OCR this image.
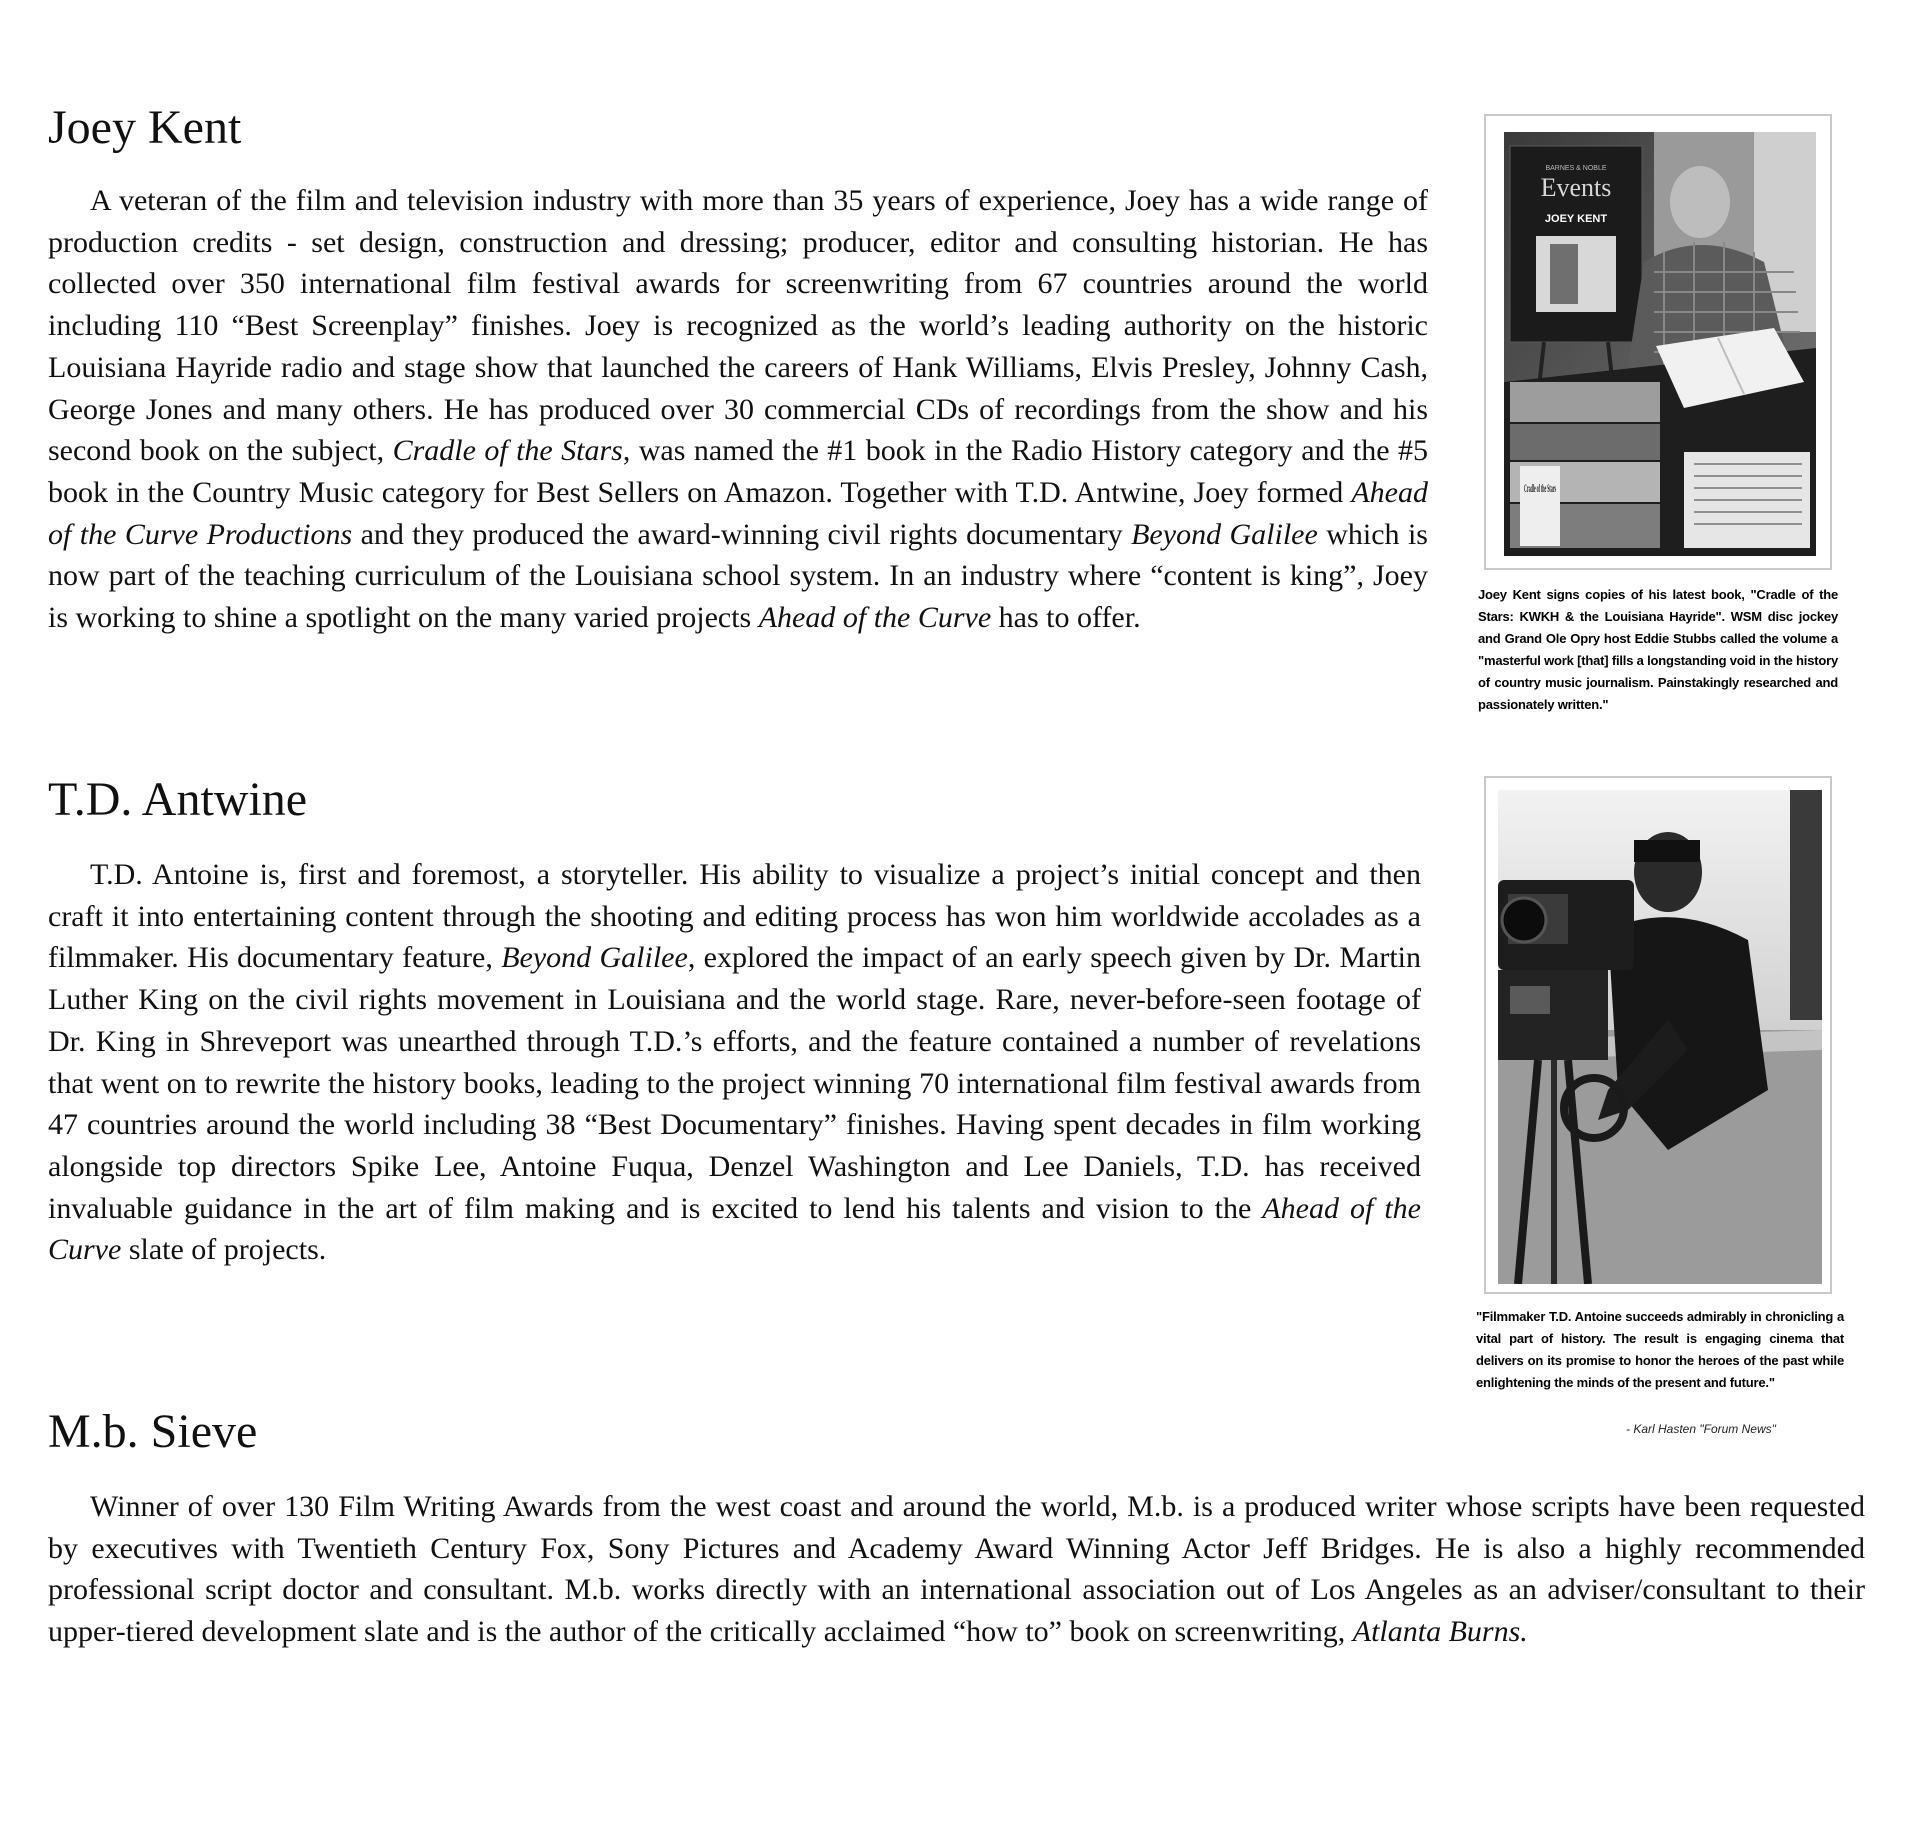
Joey Kent

A veteran of the film and television industry with more than 35 years of experience, Joey has a wide range of production credits - set design, construction and dressing; producer, editor and consulting historian. He has collected over 350 international film festival awards for screenwriting from 67 countries around the world including 110 “Best Screenplay” finishes. Joey is recognized as the world’s leading authority on the historic Louisiana Hayride radio and stage show that launched the careers of Hank Williams, Elvis Presley, Johnny Cash, George Jones and many others. He has produced over 30 commercial CDs of recordings from the show and his second book on the subject, Cradle of the Stars, was named the #1 book in the Radio History category and the #5 book in the Country Music category for Best Sellers on Amazon. Together with T.D. Antwine, Joey formed Ahead of the Curve Productions and they produced the award-winning civil rights documentary Beyond Galilee which is now part of the teaching curriculum of the Louisiana school system. In an industry where “content is king”, Joey is working to shine a spotlight on the many varied projects Ahead of the Curve has to offer.

BARNES & NOBLE
Events
JOEY KENT
Cradle of the Stars
Joey Kent signs copies of his latest book, "Cradle of the Stars: KWKH & the Louisiana Hayride". WSM disc jockey and Grand Ole Opry host Eddie Stubbs called the volume a "masterful work [that] fills a longstanding void in the history of country music journalism. Painstakingly researched and passionately written."
T.D. Antwine

T.D. Antoine is, first and foremost, a storyteller. His ability to visualize a project’s initial concept and then craft it into entertaining content through the shooting and editing process has won him worldwide accolades as a filmmaker. His documentary feature, Beyond Galilee, explored the impact of an early speech given by Dr. Martin Luther King on the civil rights movement in Louisiana and the world stage. Rare, never-before-seen footage of Dr. King in Shreveport was unearthed through T.D.’s efforts, and the feature contained a number of revelations that went on to rewrite the history books, leading to the project winning 70 international film festival awards from 47 countries around the world including 38 “Best Documentary” finishes. Having spent decades in film working alongside top directors Spike Lee, Antoine Fuqua, Denzel Washington and Lee Daniels, T.D. has received invaluable guidance in the art of film making and is excited to lend his talents and vision to the Ahead of the Curve slate of projects.

"Filmmaker T.D. Antoine succeeds admirably in chronicling a vital part of history. The result is engaging cinema that delivers on its promise to honor the heroes of the past while enlightening the minds of the present and future."
- Karl Hasten "Forum News"
M.b. Sieve

Winner of over 130 Film Writing Awards from the west coast and around the world, M.b. is a produced writer whose scripts have been requested by executives with Twentieth Century Fox, Sony Pictures and Academy Award Winning Actor Jeff Bridges. He is also a highly recommended professional script doctor and consultant. M.b. works directly with an international association out of Los Angeles as an adviser/consultant to their upper-tiered development slate and is the author of the critically acclaimed “how to” book on screenwriting, Atlanta Burns.
